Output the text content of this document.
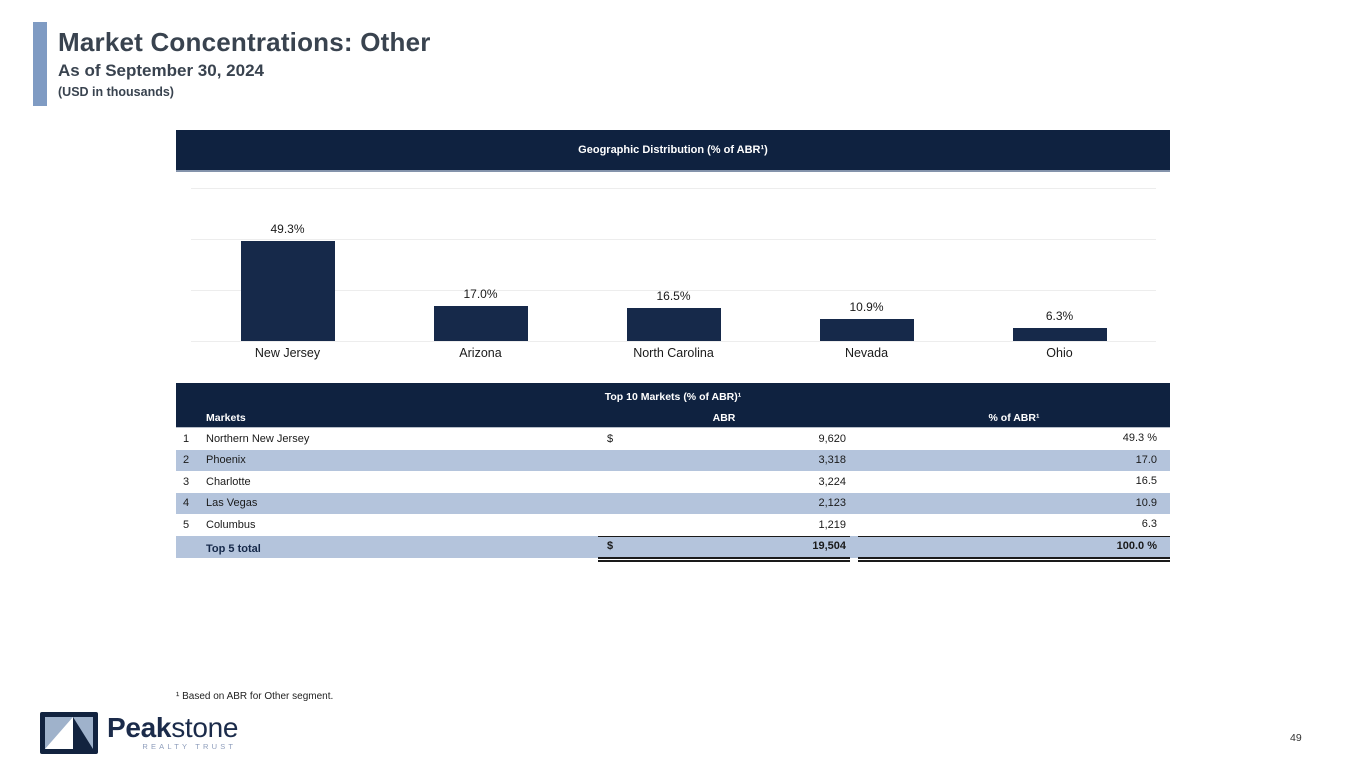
Market Concentrations: Other
As of September 30, 2024
(USD in thousands)
Geographic Distribution (% of ABR¹)
49.3%
17.0%	16.5%
10.9%
6.3%
New Jersey	Arizona	North Carolina	Nevada	Ohio
Top 10 Markets (% of ABR)¹
Markets	ABR	% of ABR¹
1	Northern New Jersey	$	9,620	49.3 %
2	Phoenix	3,318	17.0
3	Charlotte	3,224	16.5
4	Las Vegas	2,123	10.9
5	Columbus	1,219	6.3
Top 5 total	$	19,504	100.0 %
¹ Based on ABR for Other segment.
Peakstone
REALTY TRUST
49
